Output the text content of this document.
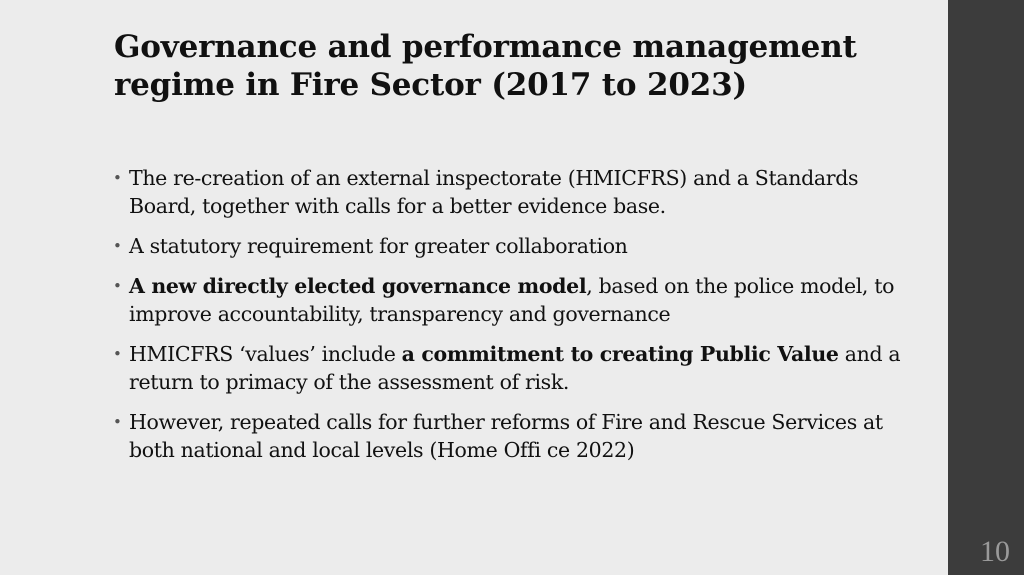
Governance and performance management regime in Fire Sector (2017 to 2023)
• The re-creation of an external inspectorate (HMICFRS) and a Standards Board, together with calls for a better evidence base.
• A statutory requirement for greater collaboration
• A new directly elected governance model, based on the police model, to improve accountability, transparency and governance
• HMICFRS ‘values’ include a commitment to creating Public Value and a return to primacy of the assessment of risk.
• However, repeated calls for further reforms of Fire and Rescue Services at both national and local levels (Home Offi ce 2022)
10
